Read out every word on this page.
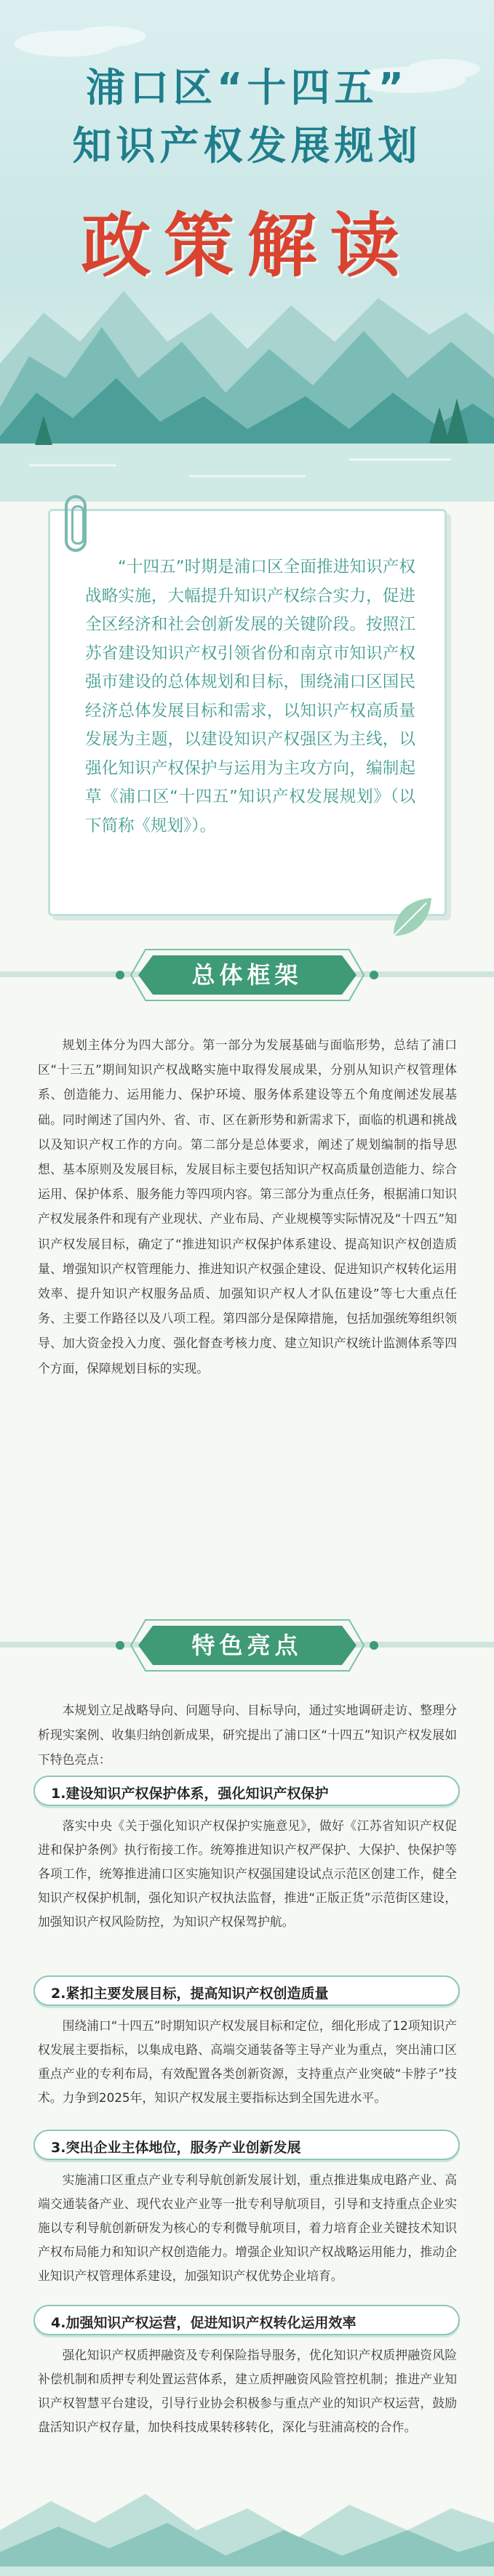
浦口区“十四五”
知识产权发展规划
政策解读

“十四五”时期是浦口区全面推进知识产权战略实施，大幅提升知识产权综合实力，促进全区经济和社会创新发展的关键阶段。按照江苏省建设知识产权引领省份和南京市知识产权强市建设的总体规划和目标，围绕浦口区国民经济总体发展目标和需求，以知识产权高质量发展为主题，以建设知识产权强区为主线，以强化知识产权保护与运用为主攻方向，编制起草《浦口区“十四五”知识产权发展规划》（以下简称《规划》）。

总体框架

规划主体分为四大部分。第一部分为发展基础与面临形势，总结了浦口区“十三五”期间知识产权战略实施中取得发展成果，分别从知识产权管理体系、创造能力、运用能力、保护环境、服务体系建设等五个角度阐述发展基础。同时阐述了国内外、省、市、区在新形势和新需求下，面临的机遇和挑战以及知识产权工作的方向。第二部分是总体要求，阐述了规划编制的指导思想、基本原则及发展目标，发展目标主要包括知识产权高质量创造能力、综合运用、保护体系、服务能力等四项内容。第三部分为重点任务，根据浦口知识产权发展条件和现有产业现状、产业布局、产业规模等实际情况及“十四五”知识产权发展目标，确定了“推进知识产权保护体系建设、提高知识产权创造质量、增强知识产权管理能力、推进知识产权强企建设、促进知识产权转化运用效率、提升知识产权服务品质、加强知识产权人才队伍建设”等七大重点任务、主要工作路径以及八项工程。第四部分是保障措施，包括加强统筹组织领导、加大资金投入力度、强化督查考核力度、建立知识产权统计监测体系等四个方面，保障规划目标的实现。

特色亮点

本规划立足战略导向、问题导向、目标导向，通过实地调研走访、整理分析现实案例、收集归纳创新成果，研究提出了浦口区“十四五”知识产权发展如下特色亮点：

1.建设知识产权保护体系，强化知识产权保护

落实中央《关于强化知识产权保护实施意见》，做好《江苏省知识产权促进和保护条例》执行衔接工作。统筹推进知识产权严保护、大保护、快保护等各项工作，统筹推进浦口区实施知识产权强国建设试点示范区创建工作，健全知识产权保护机制，强化知识产权执法监督，推进“正版正货”示范街区建设，加强知识产权风险防控，为知识产权保驾护航。

2.紧扣主要发展目标，提高知识产权创造质量

围绕浦口“十四五”时期知识产权发展目标和定位，细化形成了12项知识产权发展主要指标，以集成电路、高端交通装备等主导产业为重点，突出浦口区重点产业的专利布局，有效配置各类创新资源，支持重点产业突破“卡脖子”技术。力争到2025年，知识产权发展主要指标达到全国先进水平。

3.突出企业主体地位，服务产业创新发展

实施浦口区重点产业专利导航创新发展计划，重点推进集成电路产业、高端交通装备产业、现代农业产业等一批专利导航项目，引导和支持重点企业实施以专利导航创新研发为核心的专利微导航项目，着力培育企业关键技术知识产权布局能力和知识产权创造能力。增强企业知识产权战略运用能力，推动企业知识产权管理体系建设，加强知识产权优势企业培育。

4.加强知识产权运营，促进知识产权转化运用效率

强化知识产权质押融资及专利保险指导服务，优化知识产权质押融资风险补偿机制和质押专利处置运营体系，建立质押融资风险管控机制；推进产业知识产权智慧平台建设，引导行业协会积极参与重点产业的知识产权运营，鼓励盘活知识产权存量，加快科技成果转移转化，深化与驻浦高校的合作。
